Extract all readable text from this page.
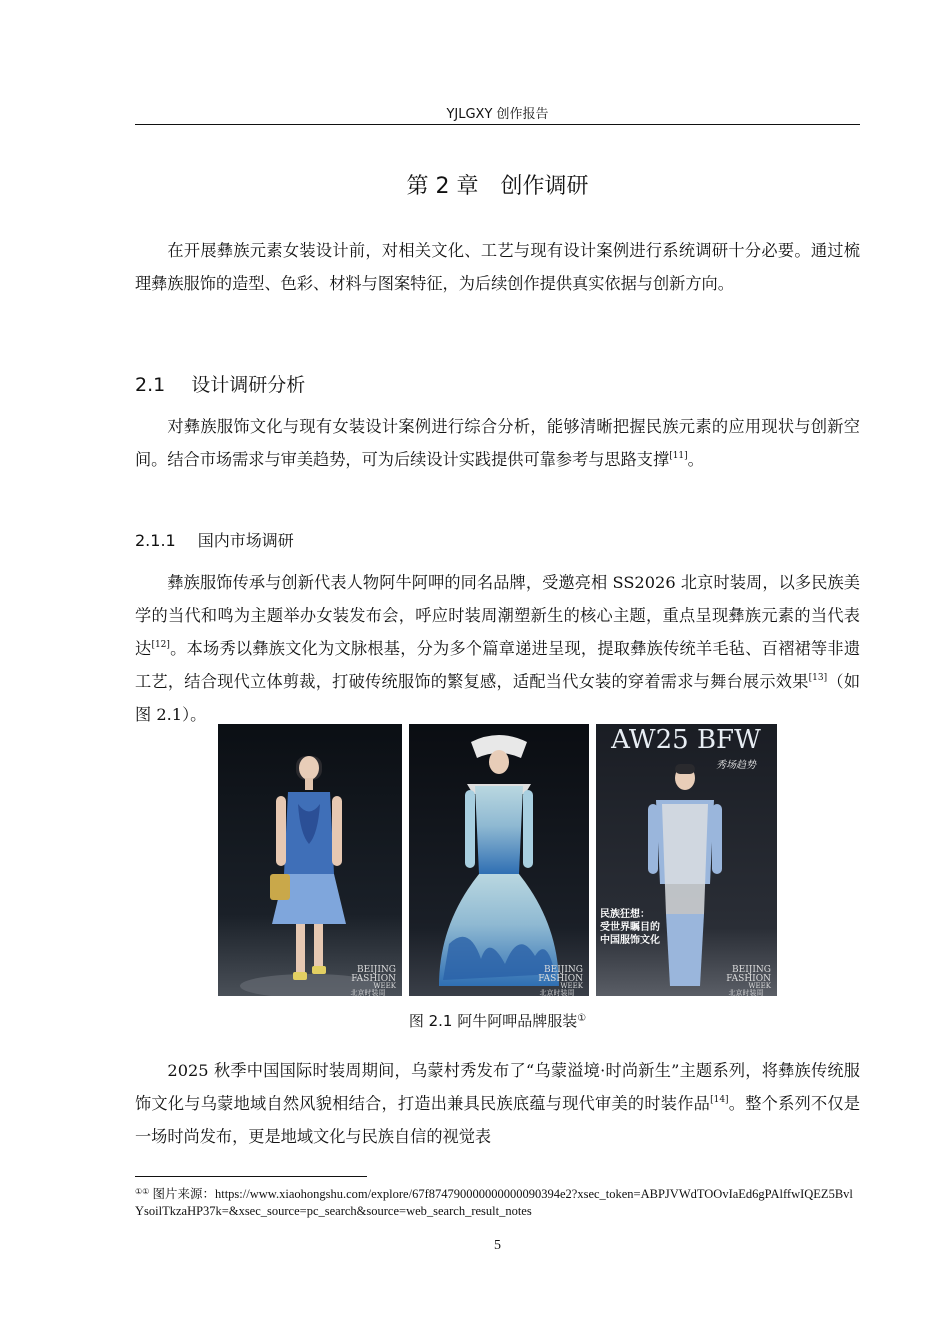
YJLGXY 创作报告
第 2 章 创作调研

在开展彝族元素女装设计前，对相关文化、工艺与现有设计案例进行系统调研十分必要。通过梳理彝族服饰的造型、色彩、材料与图案特征，为后续创作提供真实依据与创新方向。

2.1 设计调研分析

对彝族服饰文化与现有女装设计案例进行综合分析，能够清晰把握民族元素的应用现状与创新空间。结合市场需求与审美趋势，可为后续设计实践提供可靠参考与思路支撑[11]。

2.1.1 国内市场调研

彝族服饰传承与创新代表人物阿牛阿呷的同名品牌，受邀亮相 SS2026 北京时装周，以多民族美学的当代和鸣为主题举办女装发布会，呼应时装周潮塑新生的核心主题，重点呈现彝族元素的当代表达[12]。本场秀以彝族文化为文脉根基，分为多个篇章递进呈现，提取彝族传统羊毛毡、百褶裙等非遗工艺，结合现代立体剪裁，打破传统服饰的繁复感，适配当代女装的穿着需求与舞台展示效果[13]（如图 2.1）。

BEIJING
FASHION
WEEK
北京时装周
BEIJING
FASHION
WEEK
北京时装周
AW25 BFW
秀场趋势
民族狂想：
受世界瞩目的
中国服饰文化
BEIJING
FASHION
WEEK
北京时装周

图 2.1 阿牛阿呷品牌服装①

2025 秋季中国国际时装周期间，乌蒙村秀发布了“乌蒙溢境·时尚新生”主题系列，将彝族传统服饰文化与乌蒙地域自然风貌相结合，打造出兼具民族底蕴与现代审美的时装作品[14]。整个系列不仅是一场时尚发布，更是地域文化与民族自信的视觉表

①① 图片来源：https://www.xiaohongshu.com/explore/67f874790000000000090394e2?xsec_token=ABPJVWdTOOvIaEd6gPAlffwIQEZ5BvlYsoilTkzaHP37k=&xsec_source=pc_search&source=web_search_result_notes

5
